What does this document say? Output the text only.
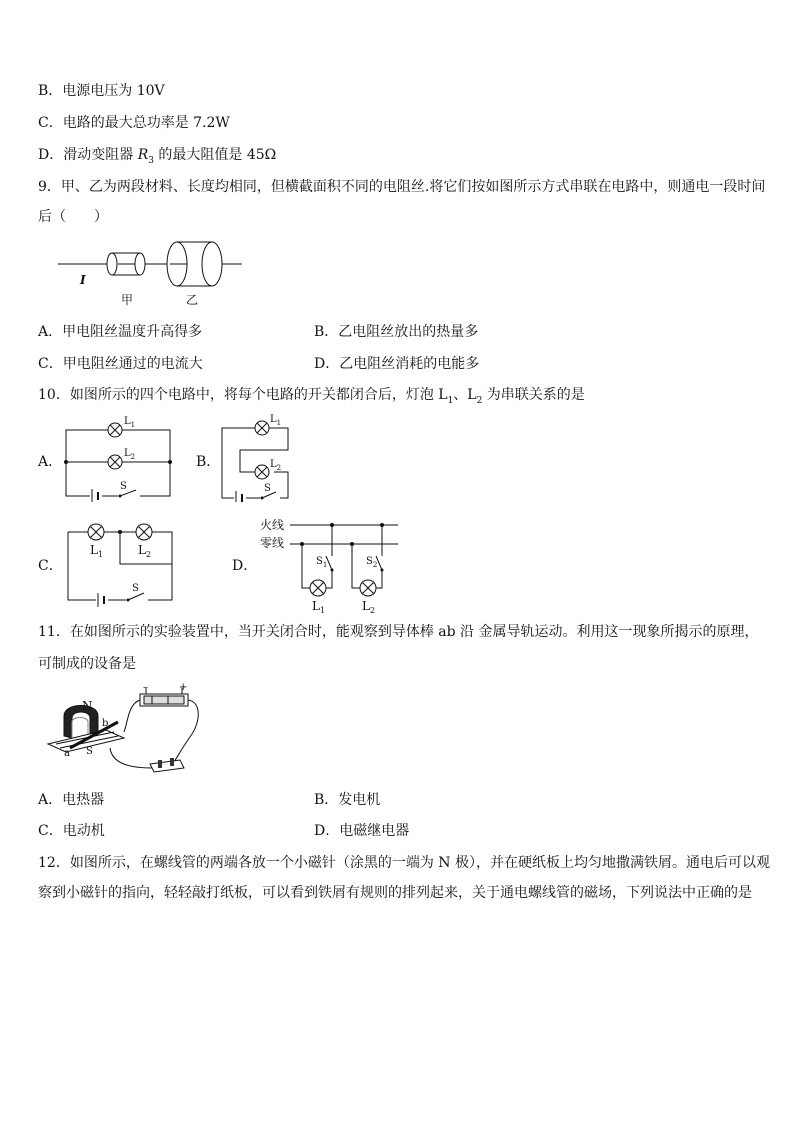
B．电源电压为 10V
C．电路的最大总功率是 7.2W
D．滑动变阻器 $R_3$ 的最大阻值是 45Ω
9．甲、乙为两段材料、长度均相同，但横截面积不同的电阻丝.将它们按如图所示方式串联在电路中，则通电一段时间
后（　　）
I
甲	乙
A．甲电阻丝温度升高得多	B．乙电阻丝放出的热量多
C．甲电阻丝通过的电流大	D．乙电阻丝消耗的电能多
10．如图所示的四个电路中，将每个电路的开关都闭合后，灯泡 $L_1$、$L_2$ 为串联关系的是
A．
$L_1$
$L_2$
S
B．
$L_1$
$L_2$
S
C．
$L_1$	$L_2$
S
D．
火线
零线
$S_1$
$L_1$
$S_2$
$L_2$
11．在如图所示的实验装置中，当开关闭合时，能观察到导体棒 ab 沿 金属导轨运动。利用这一现象所揭示的原理，
可制成的设备是
–	+
N
S
a
b
A．电热器	B．发电机
C．电动机	D．电磁继电器
12．如图所示，在螺线管的两端各放一个小磁针（涂黑的一端为 N 极），并在硬纸板上均匀地撒满铁屑。通电后可以观
察到小磁针的指向，轻轻敲打纸板，可以看到铁屑有规则的排列起来，关于通电螺线管的磁场，下列说法中正确的是
